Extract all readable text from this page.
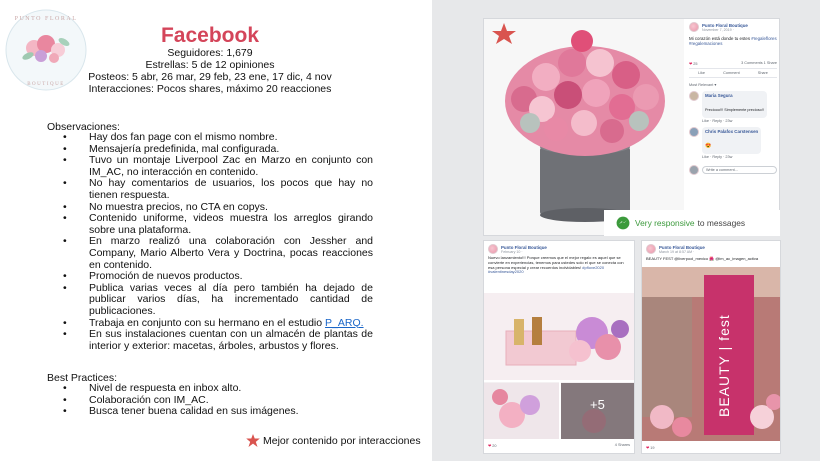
PUNTO FLORAL
BOUTIQUE
Facebook
Seguidores: 1,679
Estrellas: 5 de 12 opiniones
Posteos: 5 abr, 26 mar, 29 feb, 23 ene, 17 dic, 4 nov
Interacciones: Pocos shares, máximo 20 reacciones
Observaciones:
• Hay dos fan page con el mismo nombre.
• Mensajería predefinida, mal configurada.
• Tuvo un montaje Liverpool Zac en Marzo en conjunto con IM_AC, no interacción en contenido.
• No hay comentarios de usuarios, los pocos que hay no tienen respuesta.
• No muestra precios, no CTA en copys.
• Contenido uniforme, videos muestra los arreglos girando sobre una plataforma.
• En marzo realizó una colaboración con Jessher and Company, Mario Alberto Vera y Doctrina, pocas reacciones en contenido.
• Promoción de nuevos productos.
• Publica varias veces al día pero también ha dejado de publicar varios días, ha incrementado cantidad de publicaciones.
• Trabaja en conjunto con su hermano en el estudio P_ARQ.
• En sus instalaciones cuentan con un almacén de plantas de interior y exterior: macetas, árboles, arbustos y flores.
Best Practices:
• Nivel de respuesta en inbox alto.
• Colaboración con IM_AC.
• Busca tener buena calidad en sus imágenes.
Mejor contenido por interacciones
Punto Floral Boutique
November 7, 2019 ·
Mi corazón está donde tu estes #regaleflores #regalemaciones
❤ 25	3 Comments 1 Share
Like	Comment	Share
Most Relevant ▾
Maria Segura
Preciooo!!! Simplemente precioso!!
Like · Reply · 23w
Chris Palafox Carstensen
😍
Like · Reply · 23w
Write a comment...
Very responsive to messages
Punto Floral Boutique
February 10 ·
Nuevo lanzamiento!!! Porque creemos que el mejor regalo es aquel que se convierte en experiencias, tenemos para ustedes solo el que se conecta con esa persona especial y crear recuerdos inolvidables! #pflove2020 #valentinesday2020
+5
❤ 20	4 Shares
Punto Floral Boutique
March 19 at 8:57 AM ·
BEAUTY FEST @liverpool_mexico 🌺 @im_ac_imagen_activa
BEAUTY | fest
❤ 19
